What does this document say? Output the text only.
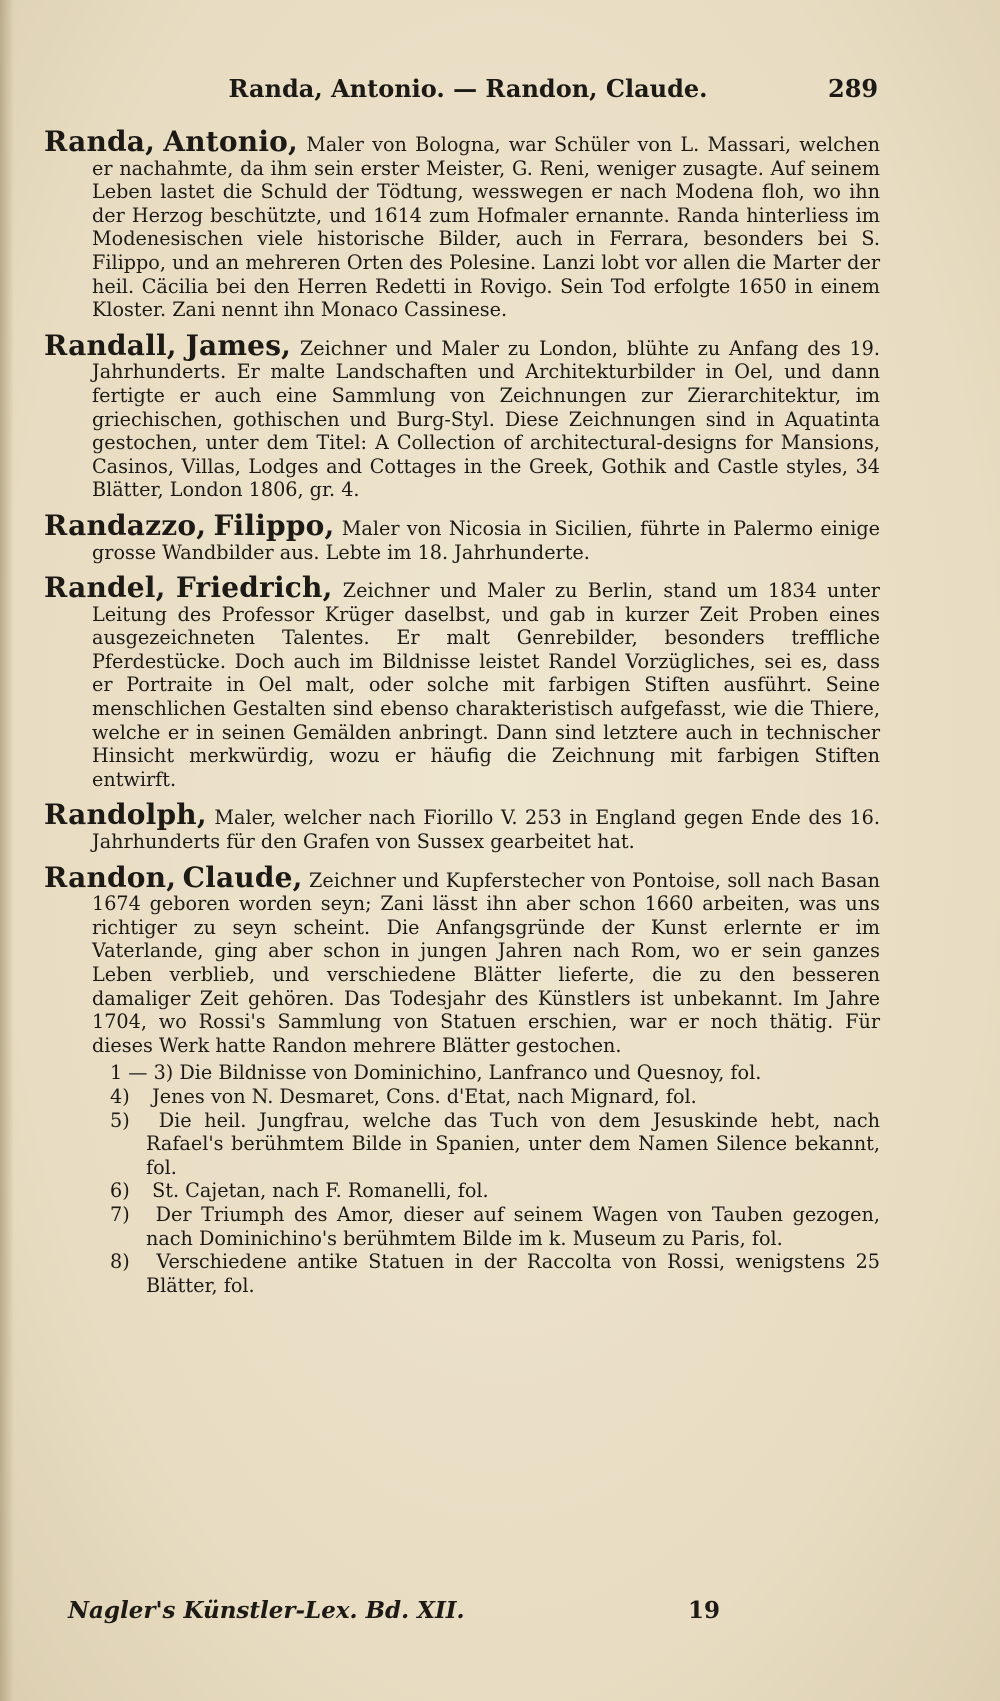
Randa, Antonio. — Randon, Claude.	289

Randa, Antonio, Maler von Bologna, war Schüler von L. Massari, welchen er nachahmte, da ihm sein erster Meister, G. Reni, weniger zusagte. Auf seinem Leben lastet die Schuld der Tödtung, wesswegen er nach Modena floh, wo ihn der Herzog beschützte, und 1614 zum Hofmaler ernannte. Randa hinterliess im Modenesischen viele historische Bilder, auch in Ferrara, besonders bei S. Filippo, und an mehreren Orten des Polesine. Lanzi lobt vor allen die Marter der heil. Cäcilia bei den Herren Redetti in Rovigo. Sein Tod erfolgte 1650 in einem Kloster. Zani nennt ihn Monaco Cassinese.

Randall, James, Zeichner und Maler zu London, blühte zu Anfang des 19. Jahrhunderts. Er malte Landschaften und Architekturbilder in Oel, und dann fertigte er auch eine Sammlung von Zeichnungen zur Zierarchitektur, im griechischen, gothischen und Burg-Styl. Diese Zeichnungen sind in Aquatinta gestochen, unter dem Titel: A Collection of architectural-designs for Mansions, Casinos, Villas, Lodges and Cottages in the Greek, Gothik and Castle styles, 34 Blätter, London 1806, gr. 4.

Randazzo, Filippo, Maler von Nicosia in Sicilien, führte in Palermo einige grosse Wandbilder aus. Lebte im 18. Jahrhunderte.

Randel, Friedrich, Zeichner und Maler zu Berlin, stand um 1834 unter Leitung des Professor Krüger daselbst, und gab in kurzer Zeit Proben eines ausgezeichneten Talentes. Er malt Genrebilder, besonders treffliche Pferdestücke. Doch auch im Bildnisse leistet Randel Vorzügliches, sei es, dass er Portraite in Oel malt, oder solche mit farbigen Stiften ausführt. Seine menschlichen Gestalten sind ebenso charakteristisch aufgefasst, wie die Thiere, welche er in seinen Gemälden anbringt. Dann sind letztere auch in technischer Hinsicht merkwürdig, wozu er häufig die Zeichnung mit farbigen Stiften entwirft.

Randolph, Maler, welcher nach Fiorillo V. 253 in England gegen Ende des 16. Jahrhunderts für den Grafen von Sussex gearbeitet hat.

Randon, Claude, Zeichner und Kupferstecher von Pontoise, soll nach Basan 1674 geboren worden seyn; Zani lässt ihn aber schon 1660 arbeiten, was uns richtiger zu seyn scheint. Die Anfangsgründe der Kunst erlernte er im Vaterlande, ging aber schon in jungen Jahren nach Rom, wo er sein ganzes Leben verblieb, und verschiedene Blätter lieferte, die zu den besseren damaliger Zeit gehören. Das Todesjahr des Künstlers ist unbekannt. Im Jahre 1704, wo Rossi's Sammlung von Statuen erschien, war er noch thätig. Für dieses Werk hatte Randon mehrere Blätter gestochen.

1 — 3) Die Bildnisse von Dominichino, Lanfranco und Quesnoy, fol.

4) Jenes von N. Desmaret, Cons. d'Etat, nach Mignard, fol.

5) Die heil. Jungfrau, welche das Tuch von dem Jesuskinde hebt, nach Rafael's berühmtem Bilde in Spanien, unter dem Namen Silence bekannt, fol.

6) St. Cajetan, nach F. Romanelli, fol.

7) Der Triumph des Amor, dieser auf seinem Wagen von Tauben gezogen, nach Dominichino's berühmtem Bilde im k. Museum zu Paris, fol.

8) Verschiedene antike Statuen in der Raccolta von Rossi, wenigstens 25 Blätter, fol.

Nagler's Künstler-Lex. Bd. XII.	19
